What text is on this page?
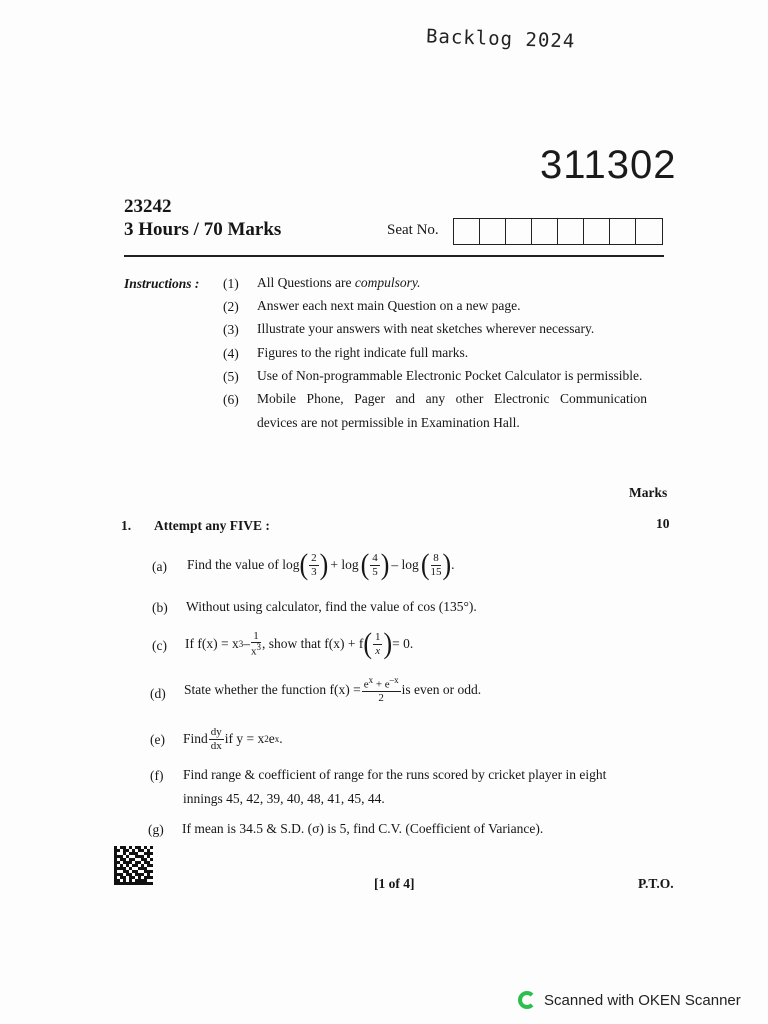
Backlog 2024
311302
23242
3 Hours / 70 Marks	Seat No.
Instructions : (1) All Questions are compulsory.
(2) Answer each next main Question on a new page.
(3) Illustrate your answers with neat sketches wherever necessary.
(4) Figures to the right indicate full marks.
(5) Use of Non-programmable Electronic Pocket Calculator is permissible.
(6) Mobile Phone, Pager and any other Electronic Communication
devices are not permissible in Examination Hall.
Marks
1. Attempt any FIVE :	10
(a) Find the value of log ( $\frac{2}{3}$ ) + log ( $\frac{4}{5}$ ) – log ( $\frac{8}{15}$ ) .
(b) Without using calculator, find the value of cos (135°).
(c) If f(x) = x $3 - \frac{1}{x^3}$ , show that f(x) + f ( $\frac{1}{x}$ ) = 0.
(d) State whether the function $f(x) = \frac{e^x + e^{-x}}{2}$ is even or odd.
(e) Find $\frac{dy}{dx}$ if y = x 2 e x .
(f) Find range & coefficient of range for the runs scored by cricket player in eight
innings 45, 42, 39, 40, 48, 41, 45, 44.
(g) If mean is 34.5 & S.D. (σ) is 5, find C.V. (Coefficient of Variance).
[1 of 4]	P.T.O.
Scanned with OKEN Scanner
